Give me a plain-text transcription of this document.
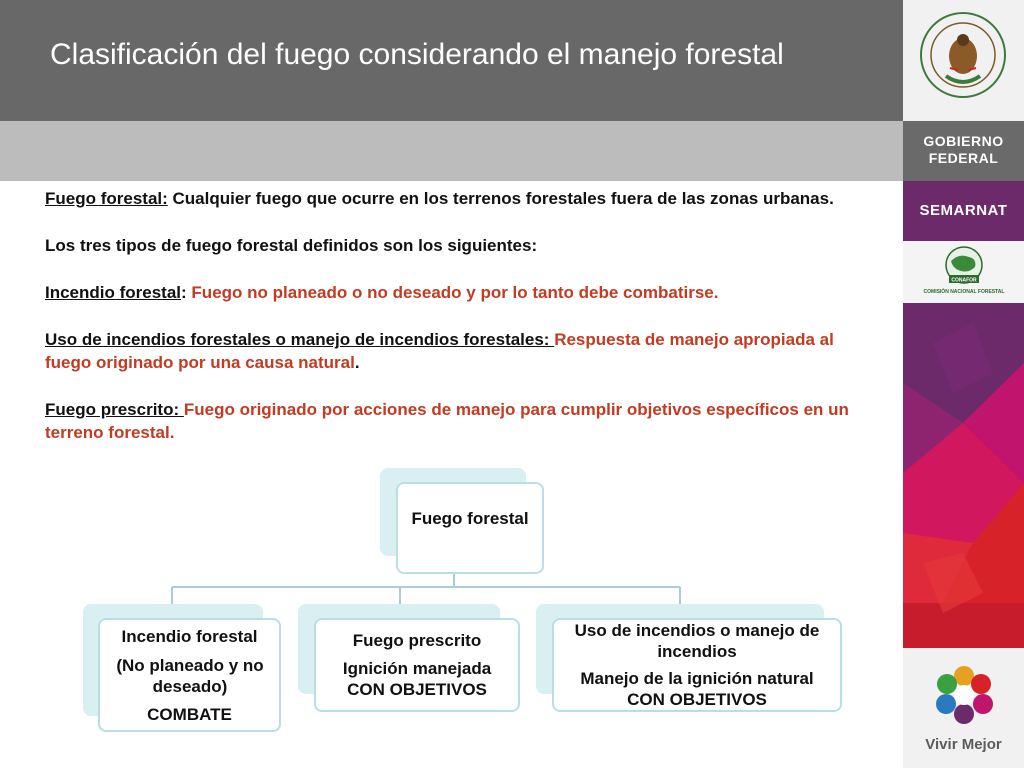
Clasificación del fuego considerando el manejo forestal
GOBIERNO
FEDERAL
SEMARNAT
CONAFOR
COMISIÓN NACIONAL FORESTAL
Vivir Mejor

Fuego forestal: Cualquier fuego que ocurre en los terrenos forestales fuera de las zonas urbanas.

Los tres tipos de fuego forestal definidos son los siguientes:

Incendio forestal: Fuego no planeado o no deseado y por lo tanto debe combatirse.

Uso de incendios forestales o manejo de incendios forestales: Respuesta de manejo apropiada al fuego originado por una causa natural.

Fuego prescrito: Fuego originado por acciones de manejo para cumplir objetivos específicos en un terreno forestal.

Fuego forestal
Incendio forestal
(No planeado y no deseado)
COMBATE
Fuego prescrito
Ignición manejada CON OBJETIVOS
Uso de incendios o manejo de incendios
Manejo de la ignición natural CON OBJETIVOS
